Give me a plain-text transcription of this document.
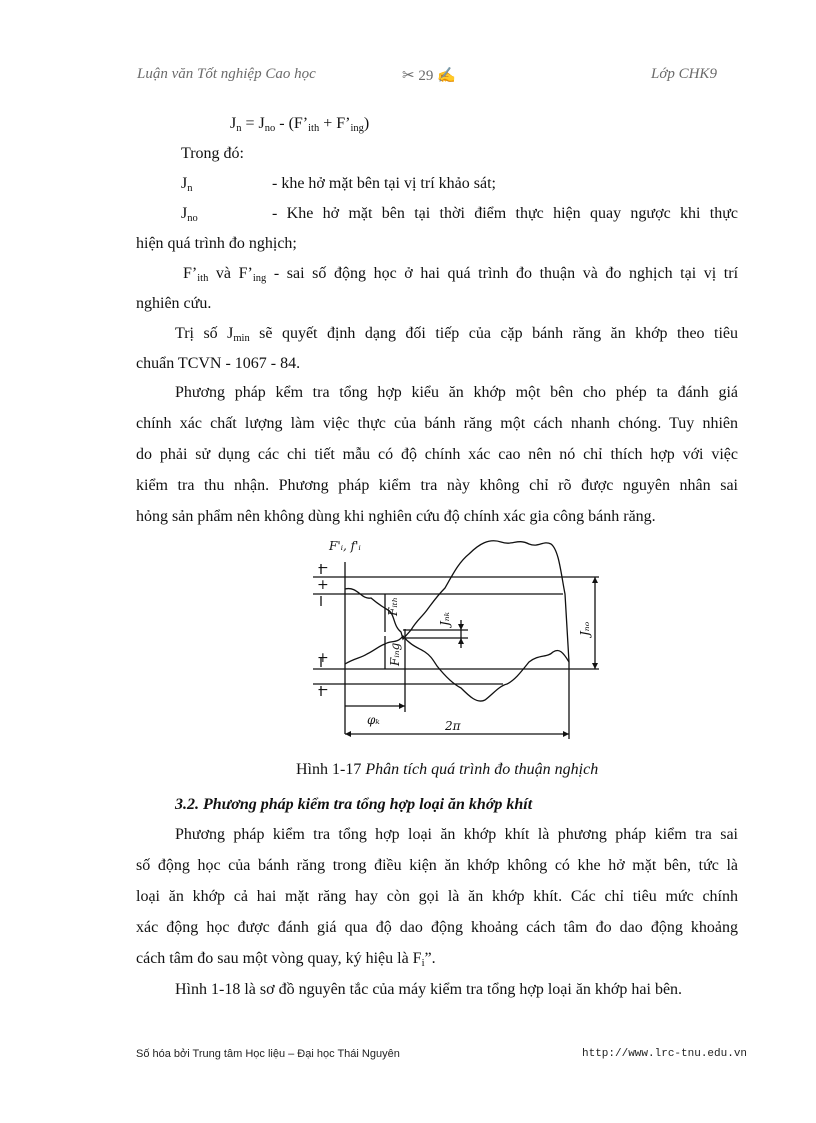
Luận văn Tốt nghiệp Cao học	✂ 29 ✍	Lớp CHK9
$J_n = J_{no}$ - ($F’_{ith}$ + $F’_{ing}$)
Trong đó:
$J_n$	- khe hở mặt bên tại vị trí khảo sát;
$J_{no}$	- Khe hở mặt bên tại thời điểm thực hiện quay ngược khi thực
hiện quá trình đo nghịch;
$F’_{ith}$ và $F’_{ing}$ - sai số động học ở hai quá trình đo thuận và đo nghịch tại vị trí
nghiên cứu.
Trị số $J_{min}$ sẽ quyết định dạng đối tiếp của cặp bánh răng ăn khớp theo tiêu
chuẩn TCVN - 1067 - 84.
Phương pháp kểm tra tổng hợp kiểu ăn khớp một bên cho phép ta đánh giá
chính xác chất lượng làm việc thực của bánh răng một cách nhanh chóng. Tuy nhiên
do phải sử dụng các chi tiết mẫu có độ chính xác cao nên nó chỉ thích hợp với việc
kiểm tra thu nhận. Phương pháp kiểm tra này không chỉ rõ được nguyên nhân sai
hỏng sản phẩm nên không dùng khi nghiên cứu độ chính xác gia công bánh răng.
F'ᵢ, f'ᵢ
+
−
+
−
Fᵢₜₕ
Jₙₖ
Jₙₒ
Fᵢₙ𝑔
φₖ	2π
Hình 1-17 Phân tích quá trình đo thuận nghịch
3.2. Phương pháp kiểm tra tổng hợp loại ăn khớp khít
Phương pháp kiểm tra tổng hợp loại ăn khớp khít là phương pháp kiểm tra sai
số động học của bánh răng trong điều kiện ăn khớp không có khe hở mặt bên, tức là
loại ăn khớp cả hai mặt răng hay còn gọi là ăn khớp khít. Các chỉ tiêu mức chính
xác động học được đánh giá qua độ dao động khoảng cách tâm đo dao động khoảng
cách tâm đo sau một vòng quay, ký hiệu là $F_i$”.
Hình 1-18 là sơ đồ nguyên tắc của máy kiểm tra tổng hợp loại ăn khớp hai bên.
Số hóa bởi Trung tâm Học liệu – Đại học Thái Nguyên	http://www.lrc-tnu.edu.vn
